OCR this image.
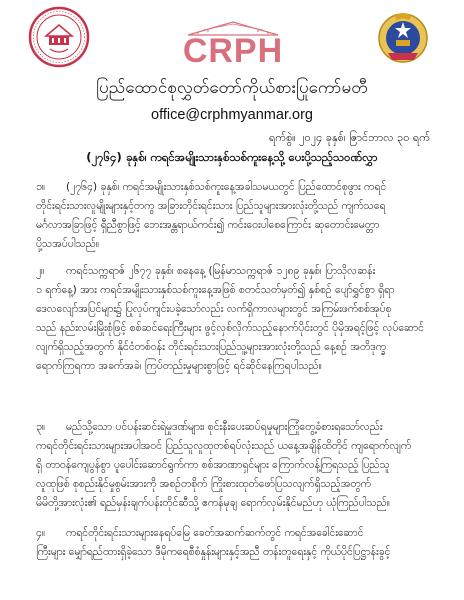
CRPH
ပြည်ထောင်စုလွှတ်တော်ကိုယ်စားပြုကော်မတီ
office@crphmyanmar.org
ရက်စွဲ။ ၂၀၂၄ ခုနှစ်၊ ဇြာင်ဘာလ ၃၀ ရက်
(၂၇၆၄) ခုနှစ်၊ ကရင်အမျိုးသားနှစ်သစ်ကူးနေ့သို့ ပေးပို့သည့်သဝဏ်လွှာ
၁။ (၂၇၆၄) ခုနှစ်၊ ကရင်အမျိုးသားနှစ်သစ်ကူးနေ့အခါသမယတွင် ပြည်ထောင်စုဖွား ကရင်
တိုင်းရင်းသားလူမျိုးများနှင့်တကွ အခြားတိုင်းရင်းသား ပြည်သူများအားလုံးတို့သည် ကျက်သရေ
မင်္ဂလာအခြာဖြင့် ရှီညီစွာဖြင့် ဘေးအန္တရာယ်ကင်း၍ ကင်းဝေးပါစေကြောင်း ဆုတောင်းမေတ္တာ
ပို့သအပ်ပါသည်။
၂။ ကရင်သက္ကရာဇ် ၂၆၇၇ ခုနှစ်၊ စနေနေ့ (မြန်မာသက္ကရာဇ် ၁၂၈၉ ခုနှစ်၊ ပြာသိုလဆန်း
၁ ရက်နေ့) အား ကရင်အမျိုးသားနှစ်သစ်ကူးနေ့အဖြစ် စတင်သတ်မှတ်၍ နှစ်စဉ် ပျော်ရွှင်စွာ ရှိရာ
ဒေလလျော်အပြင်များ၌ ပြုလုပ်ကျင်းပခဲ့သော်လည်း လက်ရှိကာလများတွင် အကြမ်းဖက်စစ်အုပ်စု
သည် နည်းလမ်းမြိုးစုံဖြင့် စစ်ဆင်ရေးကြီးများ ဖွင့်လှစ်လိုက်သည့်နောက်ပိုင်းတွင် ပိုမိုအရင့်ဖြင့် လုပ်ဆောင်
လျက်ရှိသည့်အတွက် နိုင်ငံတစ်ဝန်း တိုင်းရင်းသားပြည်သူ့များအားလုံးတို့သည် နေ့စဉ် အတိဒုက္ခ
ရောက်ကြရကာ အခက်အခဲ၊ ကြပ်တည်းမှုများစွာဖြင့် ရင်ဆိုင်နေကြရပါသည်။
၃။ မည်သို့သော ပင်ပန်းဆင်းရဲမှုဒဏ်များ၊ စုင်းနီးပေးဆပ်ရမှုများကြုံတွေ့ခံစားရသော်လည်း
ကရင်တိုင်းရင်းသားများအပါအဝင် ပြည်သူလူထုတစ်ရပ်လုံးသည် ယနေ့အချိန်ထိတိုင် ကျရောက်လျက်
ရှိ တာဝန်ကျေပွန်စွာ ပူပေါင်းဆောင်ရွက်ကာ စစ်အာဏာရှင်များ ကြောက်လန့်ကြရသည့် ပြည်သူ
လူထုဖြစ် စုစည်းနိုင်မှုစွမ်းအားကို အစဉ်တစိုက် ကြိုးစားထုတ်ဖော်ပြသလျက်ရှိသည့်အတွက်
မိမိတို့အားလုံး၏ ရည်မှန်းချက်ပန်းတိုင်ဆီသို့ ဧကန်မုချ ရောက်လှမ်းနိုင်မည်ဟု ယုံကြည်ပါသည်။
၄။ ကရင်တိုင်းရင်းသားများနေရပ်မြေ ခေတ်အဆက်ဆက်တွင် ကရင်အခေါင်းဆောင်
ကြီးများ မျှော်ရည်ထားရှိခဲ့သော ဒီမိုကရေစီစံနှုန်းများနှင့်အညီ တန်းတူရေးနှင့် ကိုယ်ပိုင်ပြဋ္ဌာန်းခွင့်
